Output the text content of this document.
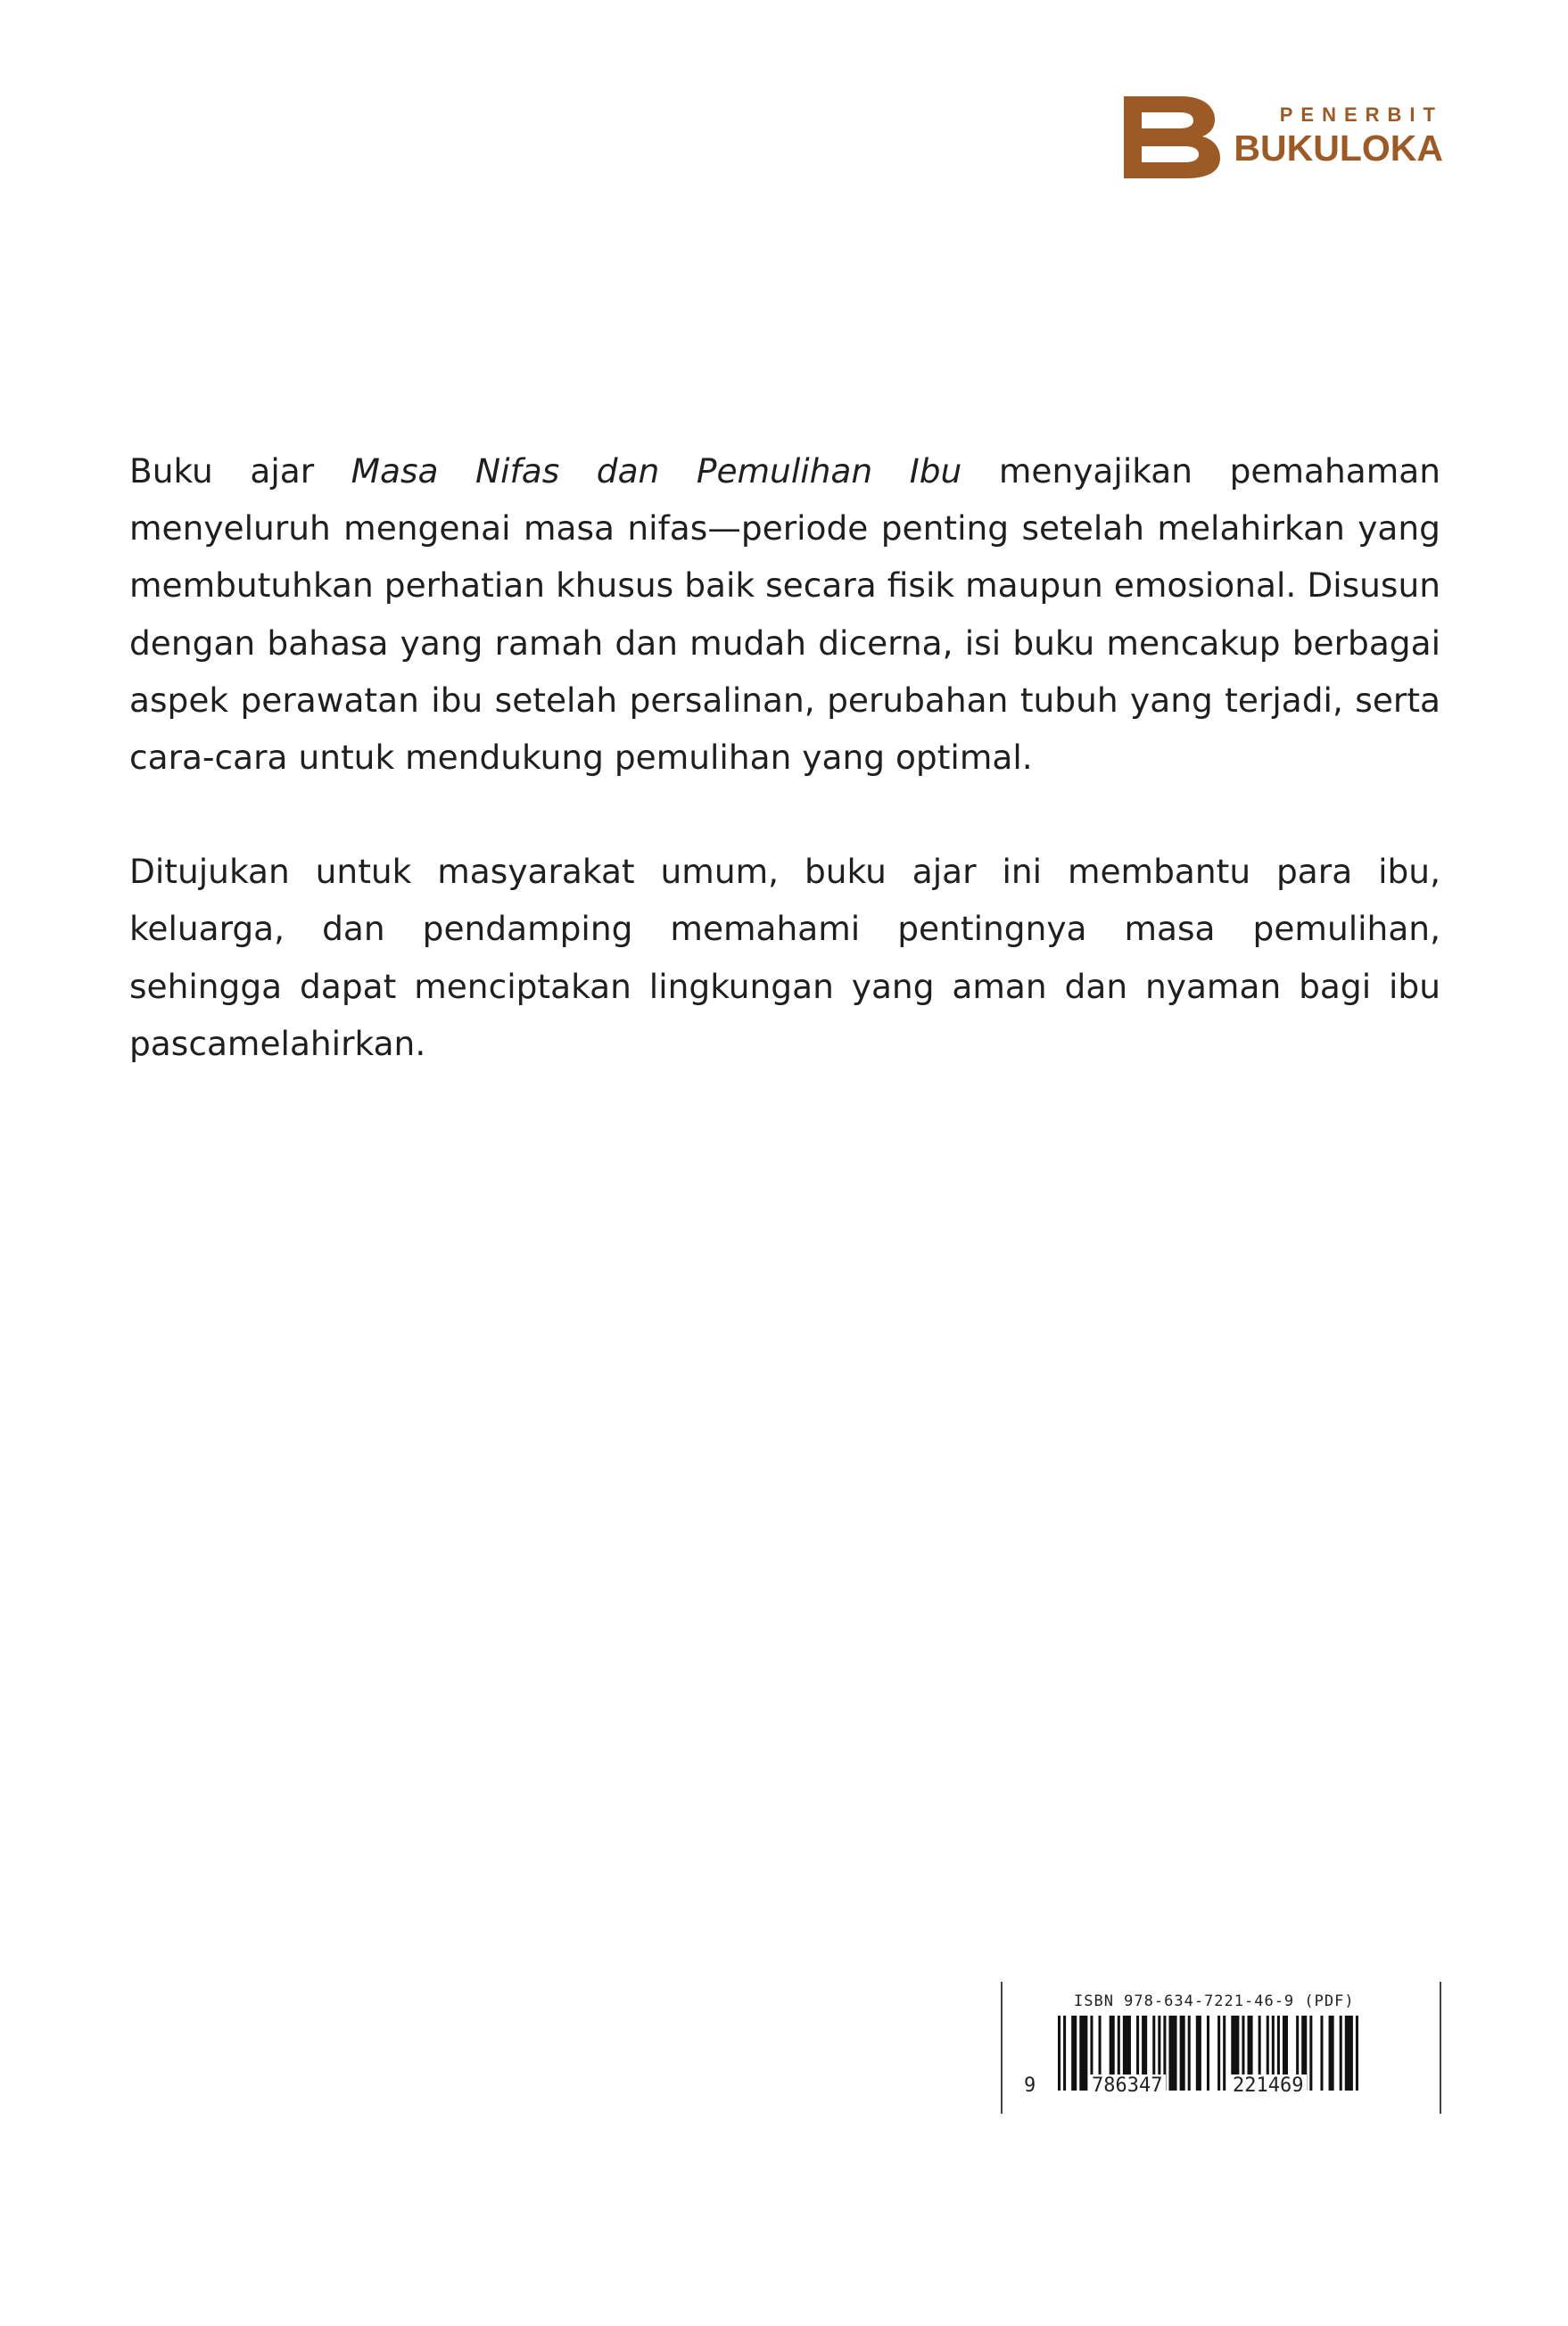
PENERBIT
BUKULOKA

Buku ajar Masa Nifas dan Pemulihan Ibu menyajikan pemahaman menyeluruh mengenai masa nifas—periode penting setelah melahirkan yang membutuhkan perhatian khusus baik secara fisik maupun emosional. Disusun dengan bahasa yang ramah dan mudah dicerna, isi buku mencakup berbagai aspek perawatan ibu setelah persalinan, perubahan tubuh yang terjadi, serta cara-cara untuk mendukung pemulihan yang optimal.

Ditujukan untuk masyarakat umum, buku ajar ini membantu para ibu, keluarga, dan pendamping memahami pentingnya masa pemulihan, sehingga dapat menciptakan lingkungan yang aman dan nyaman bagi ibu pascamelahirkan.

ISBN 978-634-7221-46-9 (PDF)
9	786347	221469
